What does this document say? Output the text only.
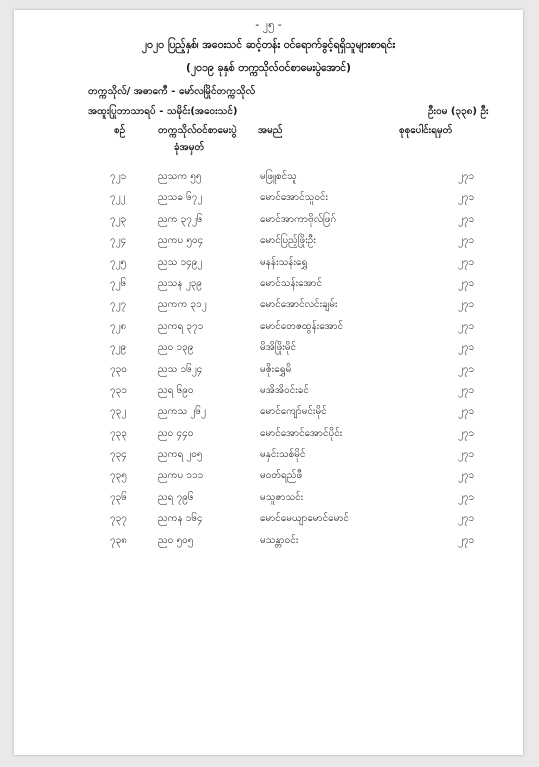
- ၂၅ -
၂၀၂၀ ပြည့်နှစ်၊ အဝေးသင် ဆင့်တန်း ဝင်ရောက်ခွင့်ရရှိသူများစာရင်း
(၂၀၁၉ ခုနှစ် တက္ကသိုလ်ဝင်စာမေးပွဲအောင်)
တက္ကသိုလ်/ အဓာကေီ - မော်လမြိုင်တက္ကသိုလ်
အထူးပြုဘာသာရပ် - သမိုင်း(အဝေးသင်)	ဦးဝမ (၃၃၈) ဦး
စဉ်	တက္ကသိုလ်ဝင်စာမေးပွဲ
ခုံအမှတ်
အမည်	စုစုပေါင်းရမှတ်
၇၂၁	ညသက ၅၅	မဖြူစင်သူ	၂၇၁
၇၂၂	ညသခ ၆၇၂	မောင်အောင်သူဝင်း	၂၇၁
၇၂၃	ညက ၃၇၂၆	မောင်အာကာဗိုလ်ဖြဂ်	၂၇၁
၇၂၄	ညကပ ၅၀၄	မောင်ပြည့်ဖြိုးဦး	၂၇၁
၇၂၅	ညသ ၁၄၉၂	မနန်းသန်းရွှေ	၂၇၁
၇၂၆	ညသန ၂၃၉	မောင်သန်းအောင်	၂၇၁
၇၂၇	ညကက ၃၁၂	မောင်အောင်လင်းချမ်း	၂၇၁
၇၂၈	ညကရ ၃၇၁	မောင်တေဇထွန်းအောင်	၂၇၁
၇၂၉	ညဝ ၁၃၉	မိအိဖြိုးမိုင်	၂၇၁
၇၃၀	ညသ ၁၆၂၄	မဇိုးရွှေမိ	၂၇၁
၇၃၁	ညရ ၆၉၀	မအိအိဝင်းခင်	၂၇၁
၇၃၂	ညကသ ၂၆၂	မောင်ကျော်မင်းမိုင်	၂၇၁
၇၃၃	ညဝ ၄၄၀	မောင်အောင်အောင်ပိုင်း	၂၇၁
၇၃၄	ညကရ ၂၀၅	မနှင်းသစ်မိုင်	၂၇၁
၇၃၅	ညကပ ၁၁၁	မဝတ်ရည်ဖီ	၂၇၁
၇၃၆	ညရ ၇၉၆	မသူဇာသင်း	၂၇၁
၇၃၇	ညကန ၁၆၄	မောင်မေယျာမောင်မောင်	၂၇၁
၇၃၈	ညဝ ၅၀၅	မသန္တာဝင်း	၂၇၁
